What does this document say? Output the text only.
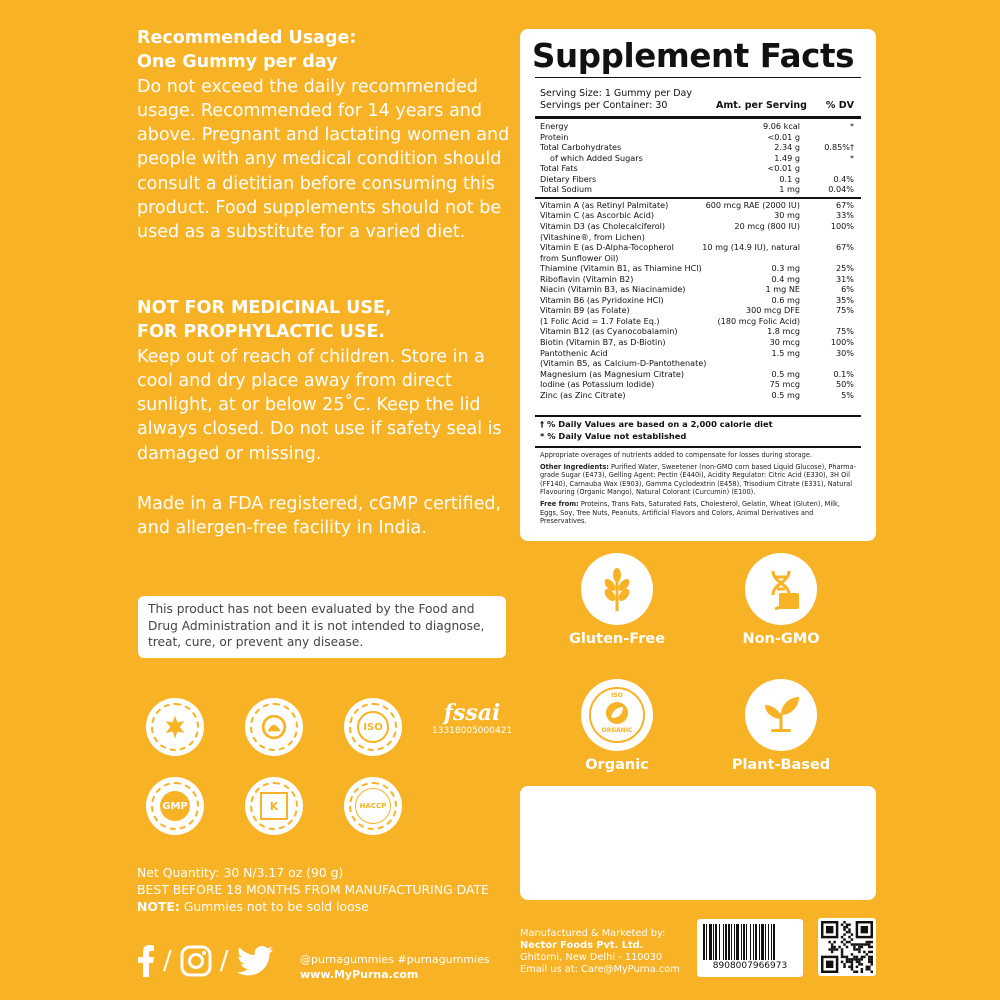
Recommended Usage:
One Gummy per day
Do not exceed the daily recommended usage. Recommended for 14 years and above. Pregnant and lactating women and people with any medical condition should consult a dietitian before consuming this product. Food supplements should not be used as a substitute for a varied diet.
NOT FOR MEDICINAL USE,
FOR PROPHYLACTIC USE.
Keep out of reach of children. Store in a cool and dry place away from direct sunlight, at or below 25˚C. Keep the lid always closed. Do not use if safety seal is damaged or missing.
Made in a FDA registered, cGMP certified, and allergen-free facility in India.
This product has not been evaluated by the Food and Drug Administration and it is not intended to diagnose, treat, cure, or prevent any disease.
ISO
fssai
13318005000421
GMP	K	HACCP
Net Quantity: 30 N/3.17 oz (90 g)
BEST BEFORE 18 MONTHS FROM MANUFACTURING DATE
NOTE: Gummies not to be sold loose
/ /	@purnagummies #purnagummies
www.MyPurna.com
Supplement Facts
Serving Size: 1 Gummy per Day
Servings per Container: 30	Amt. per Serving % DV
Energy	9.06 kcal	*
Protein	<0.01 g
Total Carbohydrates	2.34 g	0.85%†
of which Added Sugars	1.49 g	*
Total Fats	<0.01 g
Dietary Fibers	0.1 g	0.4%
Total Sodium	1 mg	0.04%
Vitamin A (as Retinyl Palmitate)	600 mcg RAE (2000 IU)	67%
Vitamin C (as Ascorbic Acid)	30 mg	33%
Vitamin D3 (as Cholecalciferol)	20 mcg (800 IU)	100%
(Vitashine®, from Lichen)
Vitamin E (as D-Alpha-Tocopherol	10 mg (14.9 IU), natural	67%
from Sunflower Oil)
Thiamine (Vitamin B1, as Thiamine HCl)	0.3 mg	25%
Riboflavin (Vitamin B2)	0.4 mg	31%
Niacin (Vitamin B3, as Niacinamide)	1 mg NE	6%
Vitamin B6 (as Pyridoxine HCl)	0.6 mg	35%
Vitamin B9 (as Folate)	300 mcg DFE	75%
(1 Folic Acid = 1.7 Folate Eq.)	(180 mcg Folic Acid)
Vitamin B12 (as Cyanocobalamin)	1.8 mcg	75%
Biotin (Vitamin B7, as D-Biotin)	30 mcg	100%
Pantothenic Acid	1.5 mg	30%
(Vitamin B5, as Calcium-D-Pantothenate)
Magnesium (as Magnesium Citrate)	0.5 mg	0.1%
Iodine (as Potassium Iodide)	75 mcg	50%
Zinc (as Zinc Citrate)	0.5 mg	5%
† % Daily Values are based on a 2,000 calorie diet
* % Daily Value not established
Appropriate overages of nutrients added to compensate for losses during storage.
Other Ingredients: Purified Water, Sweetener (non-GMO corn based Liquid Glucose), Pharma-grade Sugar (E473), Gelling Agent: Pectin (E440i), Acidity Regulator: Citric Acid (E330), 3H Oil (FF140), Carnauba Wax (E903), Gamma Cyclodextrin (E458), Trisodium Citrate (E331), Natural Flavouring (Organic Mango), Natural Colorant (Curcumin) (E100).
Free from: Proteins, Trans Fats, Saturated Fats, Cholesterol, Gelatin, Wheat (Gluten), Milk, Eggs, Soy, Tree Nuts, Peanuts, Artificial Flavors and Colors, Animal Derivatives and Preservatives.
Gluten-Free	Non-GMO
ISO
ORGANIC
Organic	Plant-Based
Manufactured & Marketed by:
Nector Foods Pvt. Ltd.
Ghitorni, New Delhi - 110030
Email us at: Care@MyPurna.com	8908007966973
